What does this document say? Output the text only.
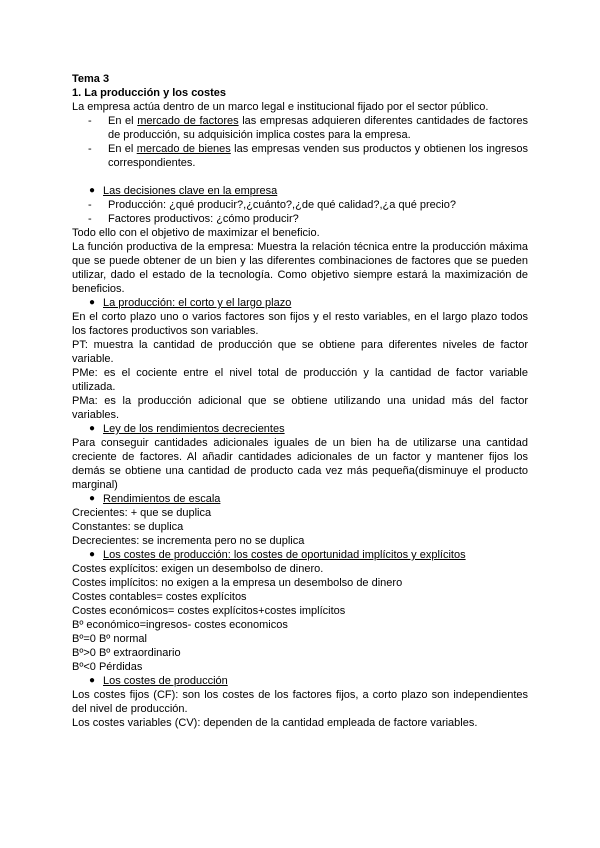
Tema 3
1. La producción y los costes
La empresa actúa dentro de un marco legal e institucional fijado por el sector público.
-	En el mercado de factores las empresas adquieren diferentes cantidades de factores de producción, su adquisición implica costes para la empresa.
-	En el mercado de bienes las empresas venden sus productos y obtienen los ingresos correspondientes.
● Las decisiones clave en la empresa
-	Producción: ¿qué producir?,¿cuánto?,¿de qué calidad?,¿a qué precio?
-	Factores productivos: ¿cómo producir?
Todo ello con el objetivo de maximizar el beneficio.
La función productiva de la empresa: Muestra la relación técnica entre la producción máxima que se puede obtener de un bien y las diferentes combinaciones de factores que se pueden utilizar, dado el estado de la tecnología. Como objetivo siempre estará la maximización de beneficios.
● La producción: el corto y el largo plazo
En el corto plazo uno o varios factores son fijos y el resto variables, en el largo plazo todos los factores productivos son variables.
PT: muestra la cantidad de producción que se obtiene para diferentes niveles de factor variable.
PMe: es el cociente entre el nivel total de producción y la cantidad de factor variable utilizada.
PMa: es la producción adicional que se obtiene utilizando una unidad más del factor variables.
● Ley de los rendimientos decrecientes
Para conseguir cantidades adicionales iguales de un bien ha de utilizarse una cantidad creciente de factores. Al añadir cantidades adicionales de un factor y mantener fijos los demás se obtiene una cantidad de producto cada vez más pequeña(disminuye el producto marginal)
● Rendimientos de escala
Crecientes: + que se duplica
Constantes: se duplica
Decrecientes: se incrementa pero no se duplica
● Los costes de producción: los costes de oportunidad implícitos y explícitos
Costes explícitos: exigen un desembolso de dinero.
Costes implícitos: no exigen a la empresa un desembolso de dinero
Costes contables= costes explícitos
Costes económicos= costes explícitos+costes implícitos
Bº económico=ingresos- costes economicos
Bº=0 Bº normal
Bº>0 Bº extraordinario
Bº<0 Pérdidas
● Los costes de producción
Los costes fijos (CF): son los costes de los factores fijos, a corto plazo son independientes del nivel de producción.
Los costes variables (CV): dependen de la cantidad empleada de factore variables.
